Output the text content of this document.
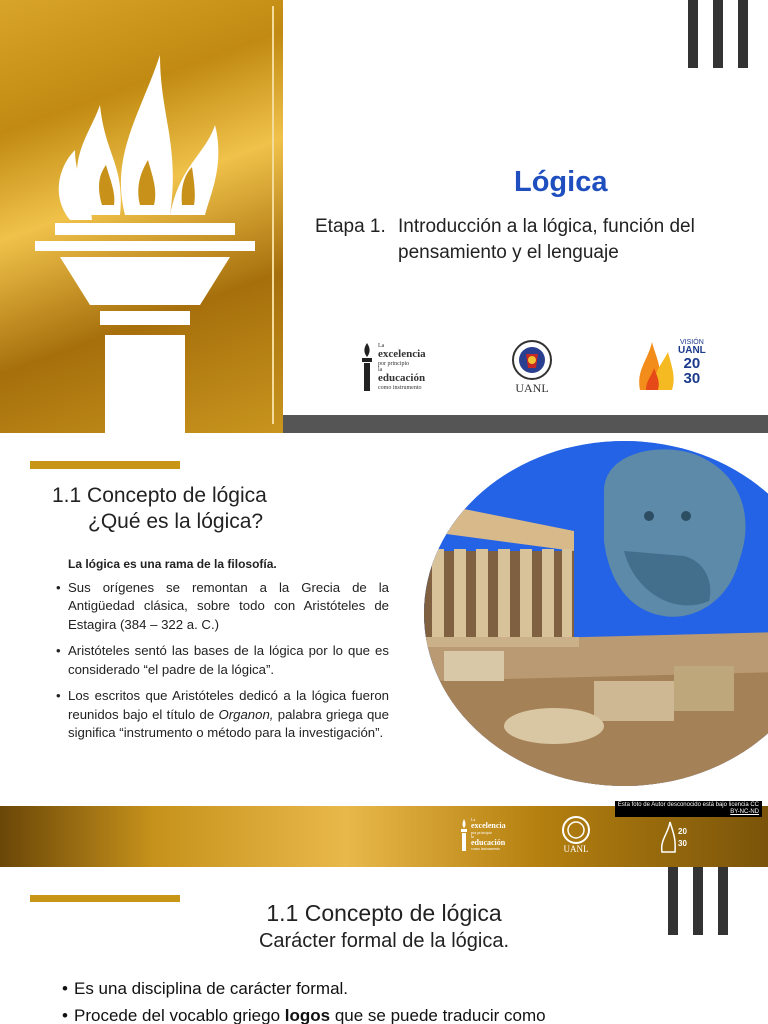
Lógica
Etapa 1. Introducción a la lógica, función del pensamiento y el lenguaje
La
excelencia
por principio
la
educación
como instrumento	UANL
VISIÓN
UANL
20
30
1.1 Concepto de lógica
¿Qué es la lógica?
La lógica es una rama de la filosofía.
• Sus orígenes se remontan a la Grecia de la Antigüedad clásica, sobre todo con Aristóteles de Estagira (384 – 322 a. C.)
• Aristóteles sentó las bases de la lógica por lo que es considerado “el padre de la lógica”.
• Los escritos que Aristóteles dedicó a la lógica fueron reunidos bajo el título de Organon, palabra griega que significa “instrumento o método para la investigación”.
La
excelencia
por principio
la
educación
como instrumento	UANL
20
30
Esta foto de Autor desconocido está bajo licencia CC
BY-NC-ND
1.1 Concepto de lógica
Carácter formal de la lógica.
• Es una disciplina de carácter formal.
• Procede del vocablo griego logos que se puede traducir como
